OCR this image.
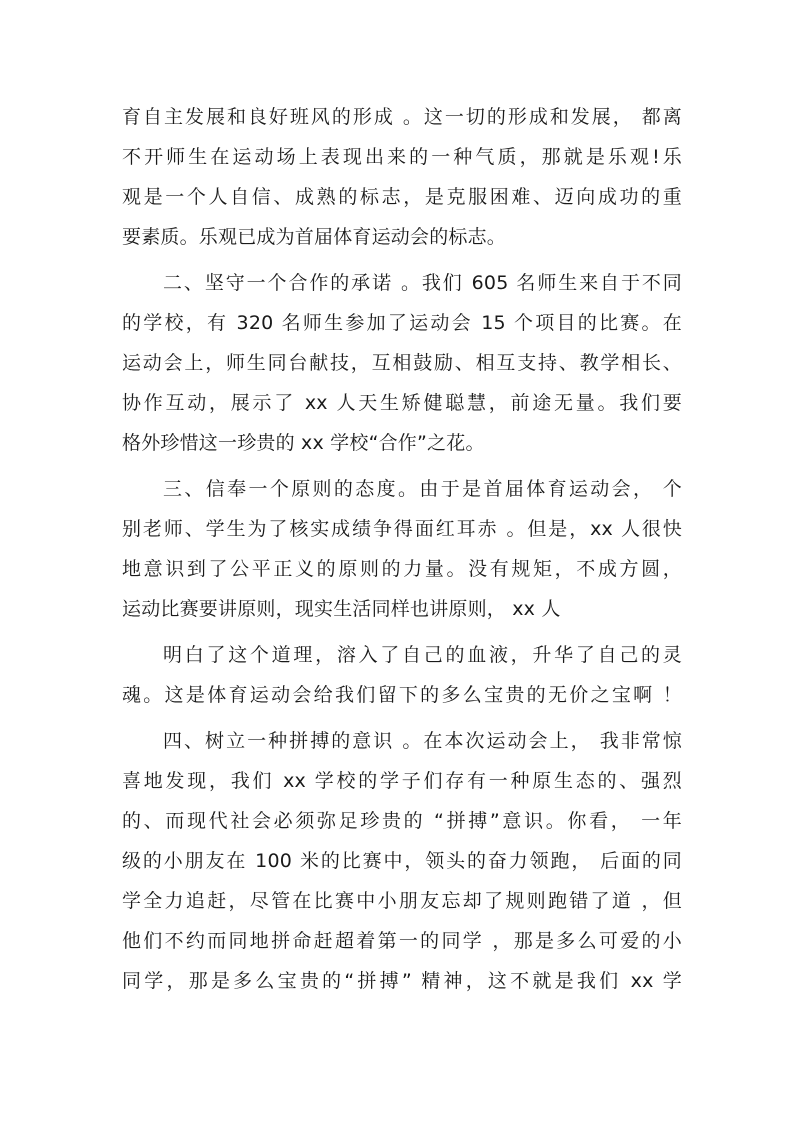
育自主发展和良好班风的形成 。这一切的形成和发展， 都离
不开师生在运动场上表现出来的一种气质，那就是乐观!乐
观是一个人自信、成熟的标志，是克服困难、迈向成功的重
要素质。乐观已成为首届体育运动会的标志。
二、坚守一个合作的承诺 。我们 605 名师生来自于不同
的学校，有 320 名师生参加了运动会 15 个项目的比赛。在
运动会上，师生同台献技，互相鼓励、相互支持、教学相长、
协作互动，展示了 xx 人天生矫健聪慧，前途无量。我们要
格外珍惜这一珍贵的 xx 学校“合作”之花。
三、信奉一个原则的态度。由于是首届体育运动会， 个
别老师、学生为了核实成绩争得面红耳赤 。但是，xx 人很快
地意识到了公平正义的原则的力量。没有规矩，不成方圆，
运动比赛要讲原则，现实生活同样也讲原则， xx 人
明白了这个道理，溶入了自己的血液，升华了自己的灵
魂。这是体育运动会给我们留下的多么宝贵的无价之宝啊 ！
四、树立一种拼搏的意识 。在本次运动会上， 我非常惊
喜地发现，我们 xx 学校的学子们存有一种原生态的、强烈
的、而现代社会必须弥足珍贵的 “拼搏”意识。你看， 一年
级的小朋友在 100 米的比赛中，领头的奋力领跑， 后面的同
学全力追赶，尽管在比赛中小朋友忘却了规则跑错了道 ，但
他们不约而同地拼命赶超着第一的同学 ，那是多么可爱的小
同学，那是多么宝贵的“拼搏” 精神，这不就是我们 xx 学
